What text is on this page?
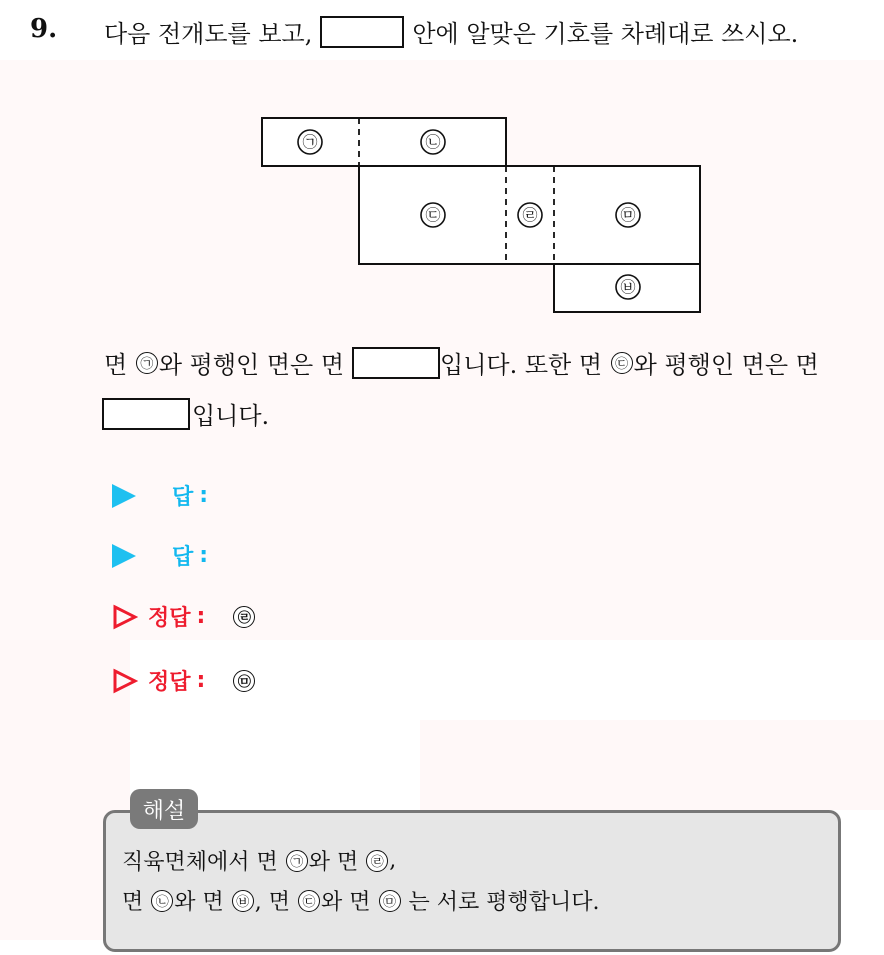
9. 다음 전개도를 보고,	안에 알맞은 기호를 차례대로 쓰시오.
㉠	㉡
㉢	㉣	㉤
㉥
면
	㉠ 와 평행인 면은 면	입니다. 또한 면
	㉢ 와 평행인 면은 면
입니다.
답 :
답 :
정답 :	㉣
정답 :	㉤
해설
직육면체에서 면
㉠ 와 면
㉣ ,
면
㉡ 와 면
㉥ , 면
㉢ 와 면
㉤
는 서로 평행합니다.
